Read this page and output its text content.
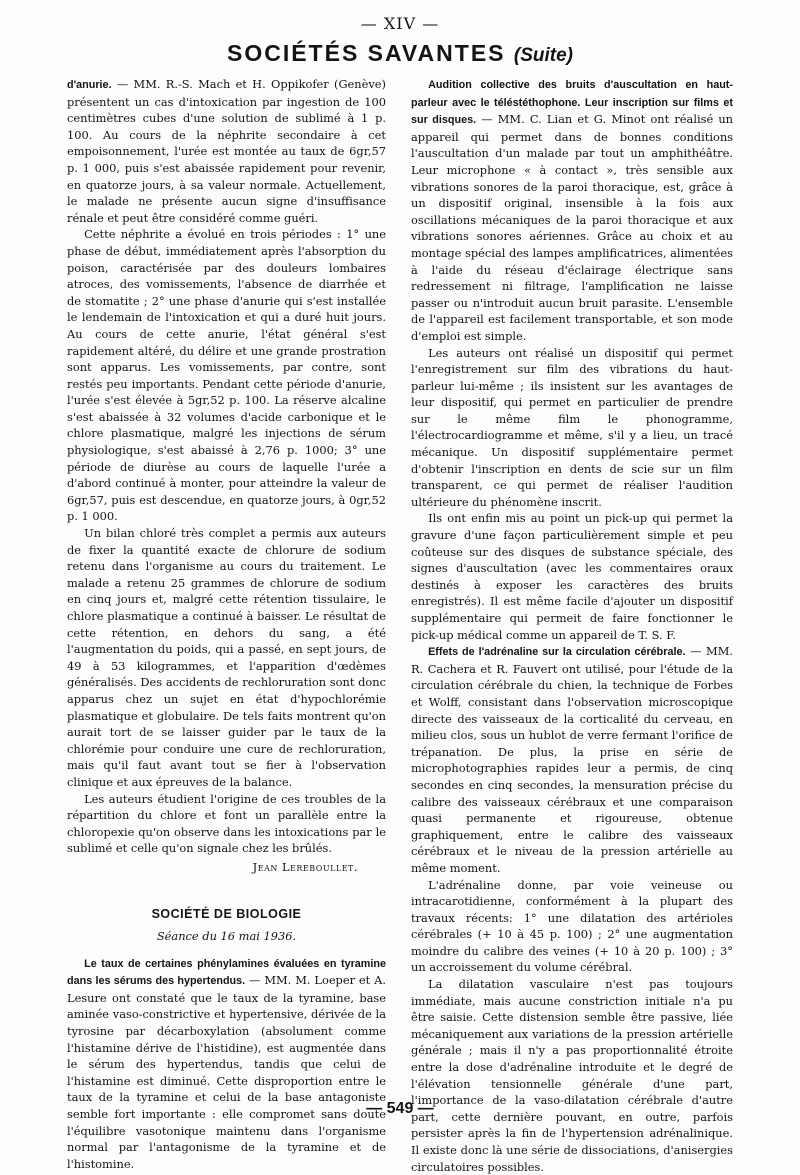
— XIV —
SOCIÉTÉS SAVANTES (Suite)

d'anurie. — MM. R.-S. Mach et H. Oppikofer (Genève) présentent un cas d'intoxication par ingestion de 100 centimètres cubes d'une solution de sublimé à 1 p. 100. Au cours de la néphrite secondaire à cet empoisonnement, l'urée est montée au taux de 6gr,57 p. 1 000, puis s'est abaissée rapidement pour revenir, en quatorze jours, à sa valeur normale. Actuellement, le malade ne présente aucun signe d'insuffisance rénale et peut être considéré comme guéri.

Cette néphrite a évolué en trois périodes : 1° une phase de début, immédiatement après l'absorption du poison, caractérisée par des douleurs lombaires atroces, des vomissements, l'absence de diarrhée et de stomatite ; 2° une phase d'anurie qui s'est installée le lendemain de l'intoxication et qui a duré huit jours. Au cours de cette anurie, l'état général s'est rapidement altéré, du délire et une grande prostration sont apparus. Les vomissements, par contre, sont restés peu importants. Pendant cette période d'anurie, l'urée s'est élevée à 5gr,52 p. 100. La réserve alcaline s'est abaissée à 32 volumes d'acide carbonique et le chlore plasmatique, malgré les injections de sérum physiologique, s'est abaissé à 2,76 p. 1000; 3° une période de diurèse au cours de laquelle l'urée a d'abord continué à monter, pour atteindre la valeur de 6gr,57, puis est descendue, en quatorze jours, à 0gr,52 p. 1 000.

Un bilan chloré très complet a permis aux auteurs de fixer la quantité exacte de chlorure de sodium retenu dans l'organisme au cours du traitement. Le malade a retenu 25 grammes de chlorure de sodium en cinq jours et, malgré cette rétention tissulaire, le chlore plasmatique a continué à baisser. Le résultat de cette rétention, en dehors du sang, a été l'augmentation du poids, qui a passé, en sept jours, de 49 à 53 kilogrammes, et l'apparition d'œdèmes généralisés. Des accidents de rechloruration sont donc apparus chez un sujet en état d'hypochlorémie plasmatique et globulaire. De tels faits montrent qu'on aurait tort de se laisser guider par le taux de la chlorémie pour conduire une cure de rechloruration, mais qu'il faut avant tout se fier à l'observation clinique et aux épreuves de la balance.

Les auteurs étudient l'origine de ces troubles de la répartition du chlore et font un parallèle entre la chloropexie qu'on observe dans les intoxications par le sublimé et celle qu'on signale chez les brûlés.

Jean Lereboullet.
SOCIÉTÉ DE BIOLOGIE
Séance du 16 mai 1936.

Le taux de certaines phénylamines évaluées en tyramine dans les sérums des hypertendus. — MM. M. Loeper et A. Lesure ont constaté que le taux de la tyramine, base aminée vaso-constrictive et hypertensive, dérivée de la tyrosine par décarboxylation (absolument comme l'histamine dérive de l'histidine), est augmentée dans le sérum des hypertendus, tandis que celui de l'histamine est diminué. Cette disproportion entre le taux de la tyramine et celui de la base antagoniste semble fort importante : elle compromet sans doute l'équilibre vasotonique maintenu dans l'organisme normal par l'antagonisme de la tyramine et de l'histomine.

Audition collective des bruits d'auscultation en haut-parleur avec le téléstéthophone. Leur inscription sur films et sur disques. — MM. C. Lian et G. Minot ont réalisé un appareil qui permet dans de bonnes conditions l'auscultation d'un malade par tout un amphithéâtre. Leur microphone « à contact », très sensible aux vibrations sonores de la paroi thoracique, est, grâce à un dispositif original, insensible à la fois aux oscillations mécaniques de la paroi thoracique et aux vibrations sonores aériennes. Grâce au choix et au montage spécial des lampes amplificatrices, alimentées à l'aide du réseau d'éclairage électrique sans redressement ni filtrage, l'amplification ne laisse passer ou n'introduit aucun bruit parasite. L'ensemble de l'appareil est facilement transportable, et son mode d'emploi est simple.

Les auteurs ont réalisé un dispositif qui permet l'enregistrement sur film des vibrations du haut-parleur lui-même ; ils insistent sur les avantages de leur dispositif, qui permet en particulier de prendre sur le même film le phonogramme, l'électrocardiogramme et même, s'il y a lieu, un tracé mécanique. Un dispositif supplémentaire permet d'obtenir l'inscription en dents de scie sur un film transparent, ce qui permet de réaliser l'audition ultérieure du phénomène inscrit.

Ils ont enfin mis au point un pick-up qui permet la gravure d'une façon particulièrement simple et peu coûteuse sur des disques de substance spéciale, des signes d'auscultation (avec les commentaires oraux destinés à exposer les caractères des bruits enregistrés). Il est même facile d'ajouter un dispositif supplémentaire qui permeit de faire fonctionner le pick-up médical comme un appareil de T. S. F.

Effets de l'adrénaline sur la circulation cérébrale. — MM. R. Cachera et R. Fauvert ont utilisé, pour l'étude de la circulation cérébrale du chien, la technique de Forbes et Wolff, consistant dans l'observation microscopique directe des vaisseaux de la corticalité du cerveau, en milieu clos, sous un hublot de verre fermant l'orifice de trépanation. De plus, la prise en série de microphotographies rapides leur a permis, de cinq secondes en cinq secondes, la mensuration précise du calibre des vaisseaux cérébraux et une comparaison quasi permanente et rigoureuse, obtenue graphiquement, entre le calibre des vaisseaux cérébraux et le niveau de la pression artérielle au même moment.

L'adrénaline donne, par voie veineuse ou intracarotidienne, conformément à la plupart des travaux récents: 1° une dilatation des artérioles cérébrales (+ 10 à 45 p. 100) ; 2° une augmentation moindre du calibre des veines (+ 10 à 20 p. 100) ; 3° un accroissement du volume cérébral.

La dilatation vasculaire n'est pas toujours immédiate, mais aucune constriction initiale n'a pu être saisie. Cette distension semble être passive, liée mécaniquement aux variations de la pression artérielle générale ; mais il n'y a pas proportionnalité étroite entre la dose d'adrénaline introduite et le degré de l'élévation tensionnelle générale d'une part, l'importance de la vaso-dilatation cérébrale d'autre part, cette dernière pouvant, en outre, parfois persister après la fin de l'hypertension adrénalinique. Il existe donc là une série de dissociations, d'anisergies circulatoires possibles.

— 549 —
